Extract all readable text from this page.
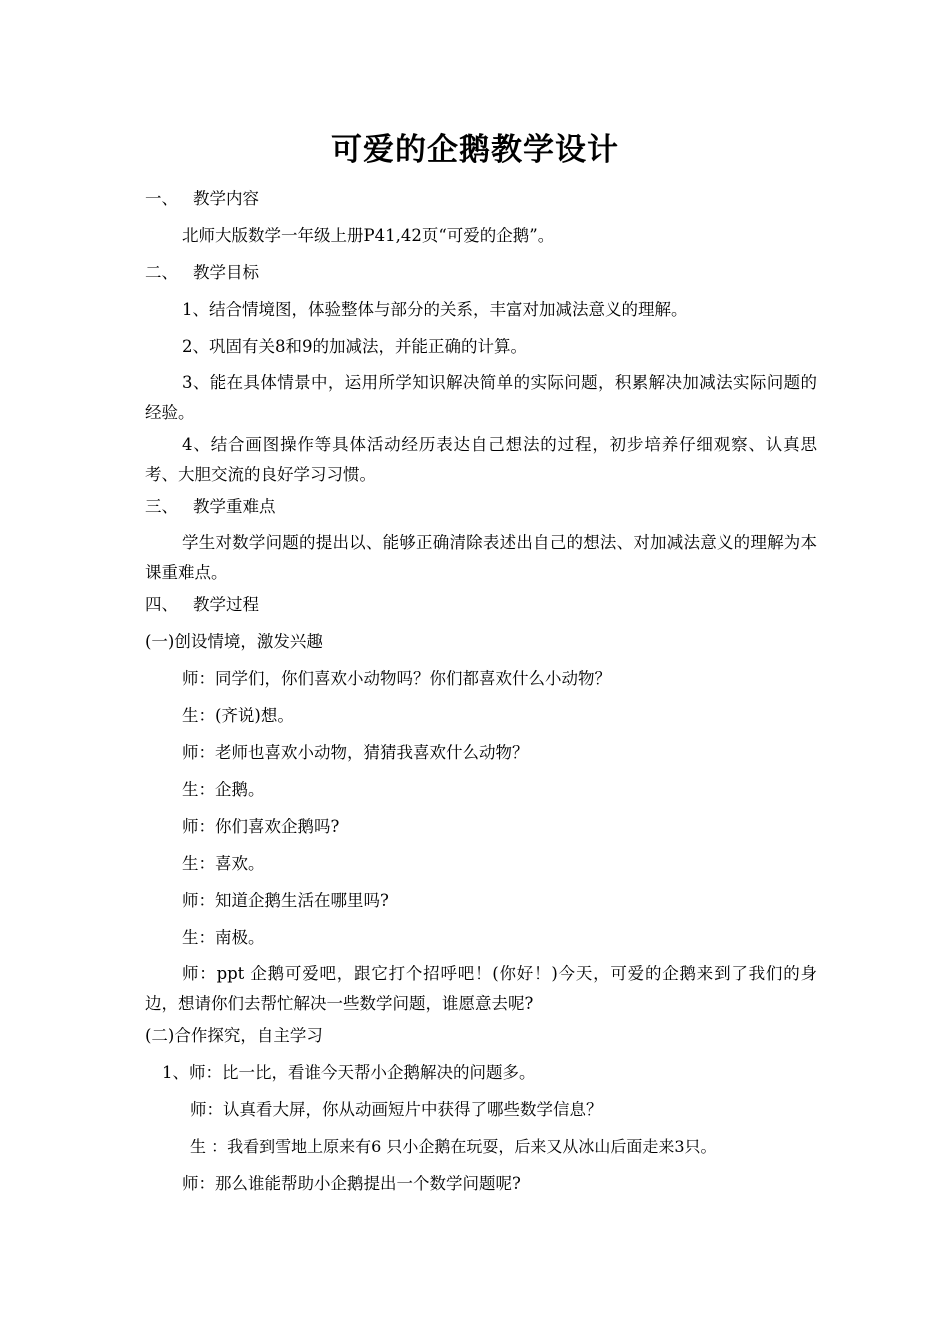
可爱的企鹅教学设计
一、 教学内容
北师大版数学一年级上册P41,42页“可爱的企鹅”。
二、 教学目标
1、结合情境图，体验整体与部分的关系，丰富对加减法意义的理解。
2、巩固有关8和9的加减法，并能正确的计算。
3、能在具体情景中，运用所学知识解决简单的实际问题，积累解决加减法实际问题的经验。
4、结合画图操作等具体活动经历表达自己想法的过程，初步培养仔细观察、认真思考、大胆交流的良好学习习惯。
三、 教学重难点
学生对数学问题的提出以、能够正确清除表述出自己的想法、对加减法意义的理解为本课重难点。
四、 教学过程
(一)创设情境，激发兴趣
师：同学们，你们喜欢小动物吗？你们都喜欢什么小动物？
生：(齐说)想。
师：老师也喜欢小动物，猜猜我喜欢什么动物？
生：企鹅。
师：你们喜欢企鹅吗?
生：喜欢。
师：知道企鹅生活在哪里吗?
生：南极。
师：ppt 企鹅可爱吧，跟它打个招呼吧！(你好！)今天，可爱的企鹅来到了我们的身边，想请你们去帮忙解决一些数学问题，谁愿意去呢?
(二)合作探究，自主学习
1、师：比一比，看谁今天帮小企鹅解决的问题多。
师：认真看大屏，你从动画短片中获得了哪些数学信息？
生 ：我看到雪地上原来有6 只小企鹅在玩耍，后来又从冰山后面走来3只。
师：那么谁能帮助小企鹅提出一个数学问题呢?
